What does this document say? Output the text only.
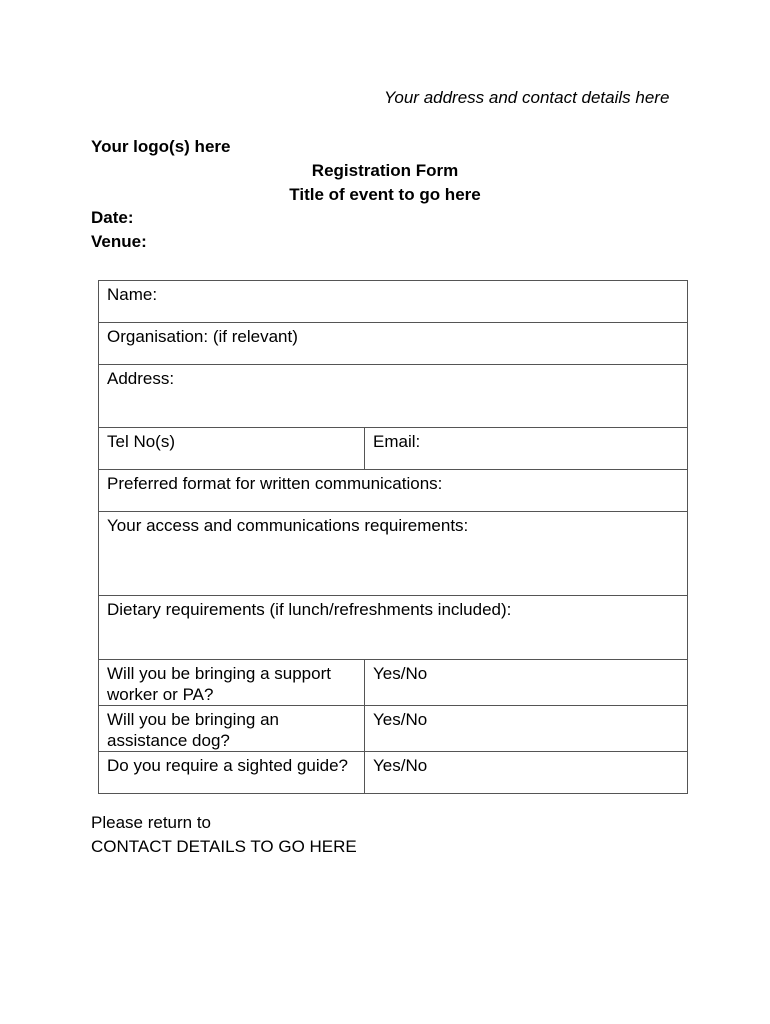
Your address and contact details here
Your logo(s) here
Registration Form
Title of event to go here
Date:
Venue:
Name:	
Organisation: (if relevant)	
Address:	
Tel No(s)	Email:
Preferred format for written communications:	
Your access and communications requirements:	
Dietary requirements (if lunch/refreshments included):	
Will you be bringing a support worker or PA?	Yes/No
Will you be bringing an assistance dog?	Yes/No
Do you require a sighted guide?	Yes/No
Please return to
CONTACT DETAILS TO GO HERE
